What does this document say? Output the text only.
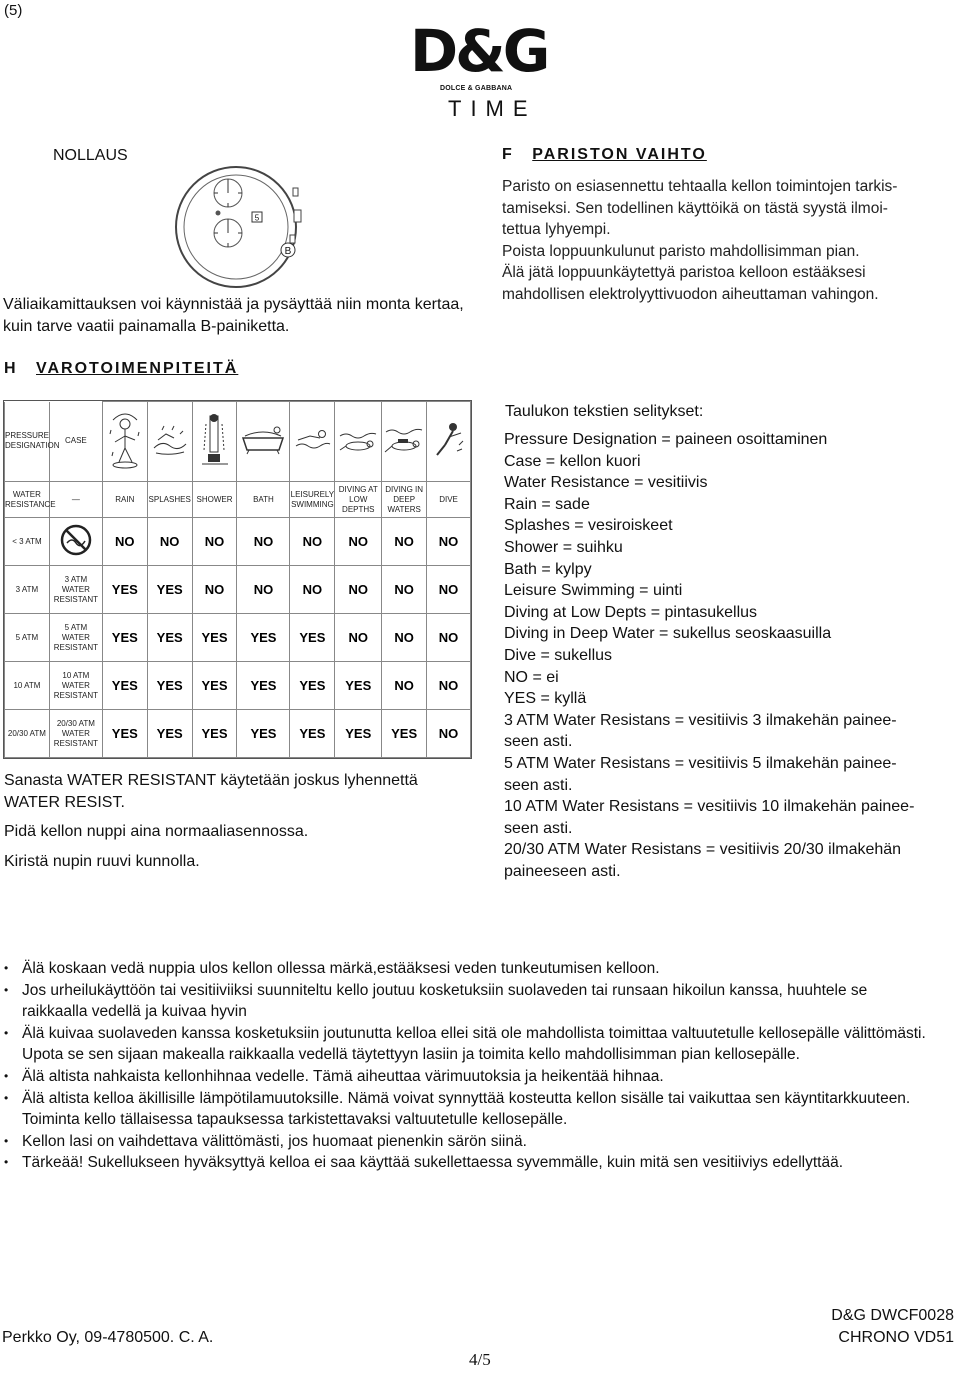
(5)
D&G
DOLCE & GABBANA
TIME
NOLLAUS
5
B
Väliaikamittauksen voi käynnistää ja pysäyttää niin monta kertaa, kuin tarve vaatii painamalla B-painiketta.
F PARISTON VAIHTO
Paristo on esiasennettu tehtaalla kellon toimintojen tarkis-
tamiseksi. Sen todellinen käyttöikä on tästä syystä ilmoi-
tettua lyhyempi.
Poista loppuunkulunut paristo mahdollisimman pian.
Älä jätä loppuunkäytettyä paristoa kelloon estääksesi
mahdollisen elektrolyyttivuodon aiheuttaman vahingon.
H VAROTOIMENPITEITÄ
PRESSURE DESIGNATION	CASE								
WATER RESISTANCE	—	RAIN	SPLASHES	SHOWER	BATH	LEISURELY SWIMMING	DIVING AT LOW DEPTHS	DIVING IN DEEP WATERS	DIVE
< 3 ATM		NO	NO	NO	NO	NO	NO	NO	NO
3 ATM	3 ATM WATER RESISTANT	YES	YES	NO	NO	NO	NO	NO	NO
5 ATM	5 ATM WATER RESISTANT	YES	YES	YES	YES	YES	NO	NO	NO
10 ATM	10 ATM WATER RESISTANT	YES	YES	YES	YES	YES	YES	NO	NO
20/30 ATM	20/30 ATM WATER RESISTANT	YES	YES	YES	YES	YES	YES	YES	NO
Sanasta WATER RESISTANT käytetään joskus lyhennettä WATER RESIST.
Pidä kellon nuppi aina normaaliasennossa.
Kiristä nupin ruuvi kunnolla.
Taulukon tekstien selitykset:
Pressure Designation = paineen osoittaminen
Case = kellon kuori
Water Resistance = vesitiivis
Rain = sade
Splashes = vesiroiskeet
Shower = suihku
Bath = kylpy
Leisure Swimming = uinti
Diving at Low Depts = pintasukellus
Diving in Deep Water = sukellus seoskaasuilla
Dive = sukellus
NO = ei
YES = kyllä
3 ATM Water Resistans = vesitiivis 3 ilmakehän painee-
seen asti.
5 ATM Water Resistans = vesitiivis 5 ilmakehän painee-
seen asti.
10 ATM Water Resistans = vesitiivis 10 ilmakehän painee-
seen asti.
20/30 ATM Water Resistans = vesitiivis 20/30 ilmakehän
paineeseen asti.
• Älä koskaan vedä nuppia ulos kellon ollessa märkä,estääksesi veden tunkeutumisen kelloon.
• Jos urheilukäyttöön tai vesitiiviiksi suunniteltu kello joutuu kosketuksiin suolaveden tai runsaan hikoilun kanssa, huuhtele se raikkaalla vedellä ja kuivaa hyvin
• Älä kuivaa suolaveden kanssa kosketuksiin joutunutta kelloa ellei sitä ole mahdollista toimittaa valtuutetulle kellosepälle välittömästi. Upota se sen sijaan makealla raikkaalla vedellä täytettyyn lasiin ja toimita kello mahdollisimman pian kellosepälle.
• Älä altista nahkaista kellonhihnaa vedelle. Tämä aiheuttaa värimuutoksia ja heikentää hihnaa.
• Älä altista kelloa äkillisille lämpötilamuutoksille. Nämä voivat synnyttää kosteutta kellon sisälle tai vaikuttaa sen käyntitarkkuuteen. Toiminta kello tällaisessa tapauksessa tarkistettavaksi valtuutetulle kellosepälle.
• Kellon lasi on vaihdettava välittömästi, jos huomaat pienenkin särön siinä.
• Tärkeää! Sukellukseen hyväksyttyä kelloa ei saa käyttää sukellettaessa syvemmälle, kuin mitä sen vesitiiviys edellyttää.
Perkko Oy, 09-4780500. C. A.
4/5
D&G DWCF0028
CHRONO VD51
